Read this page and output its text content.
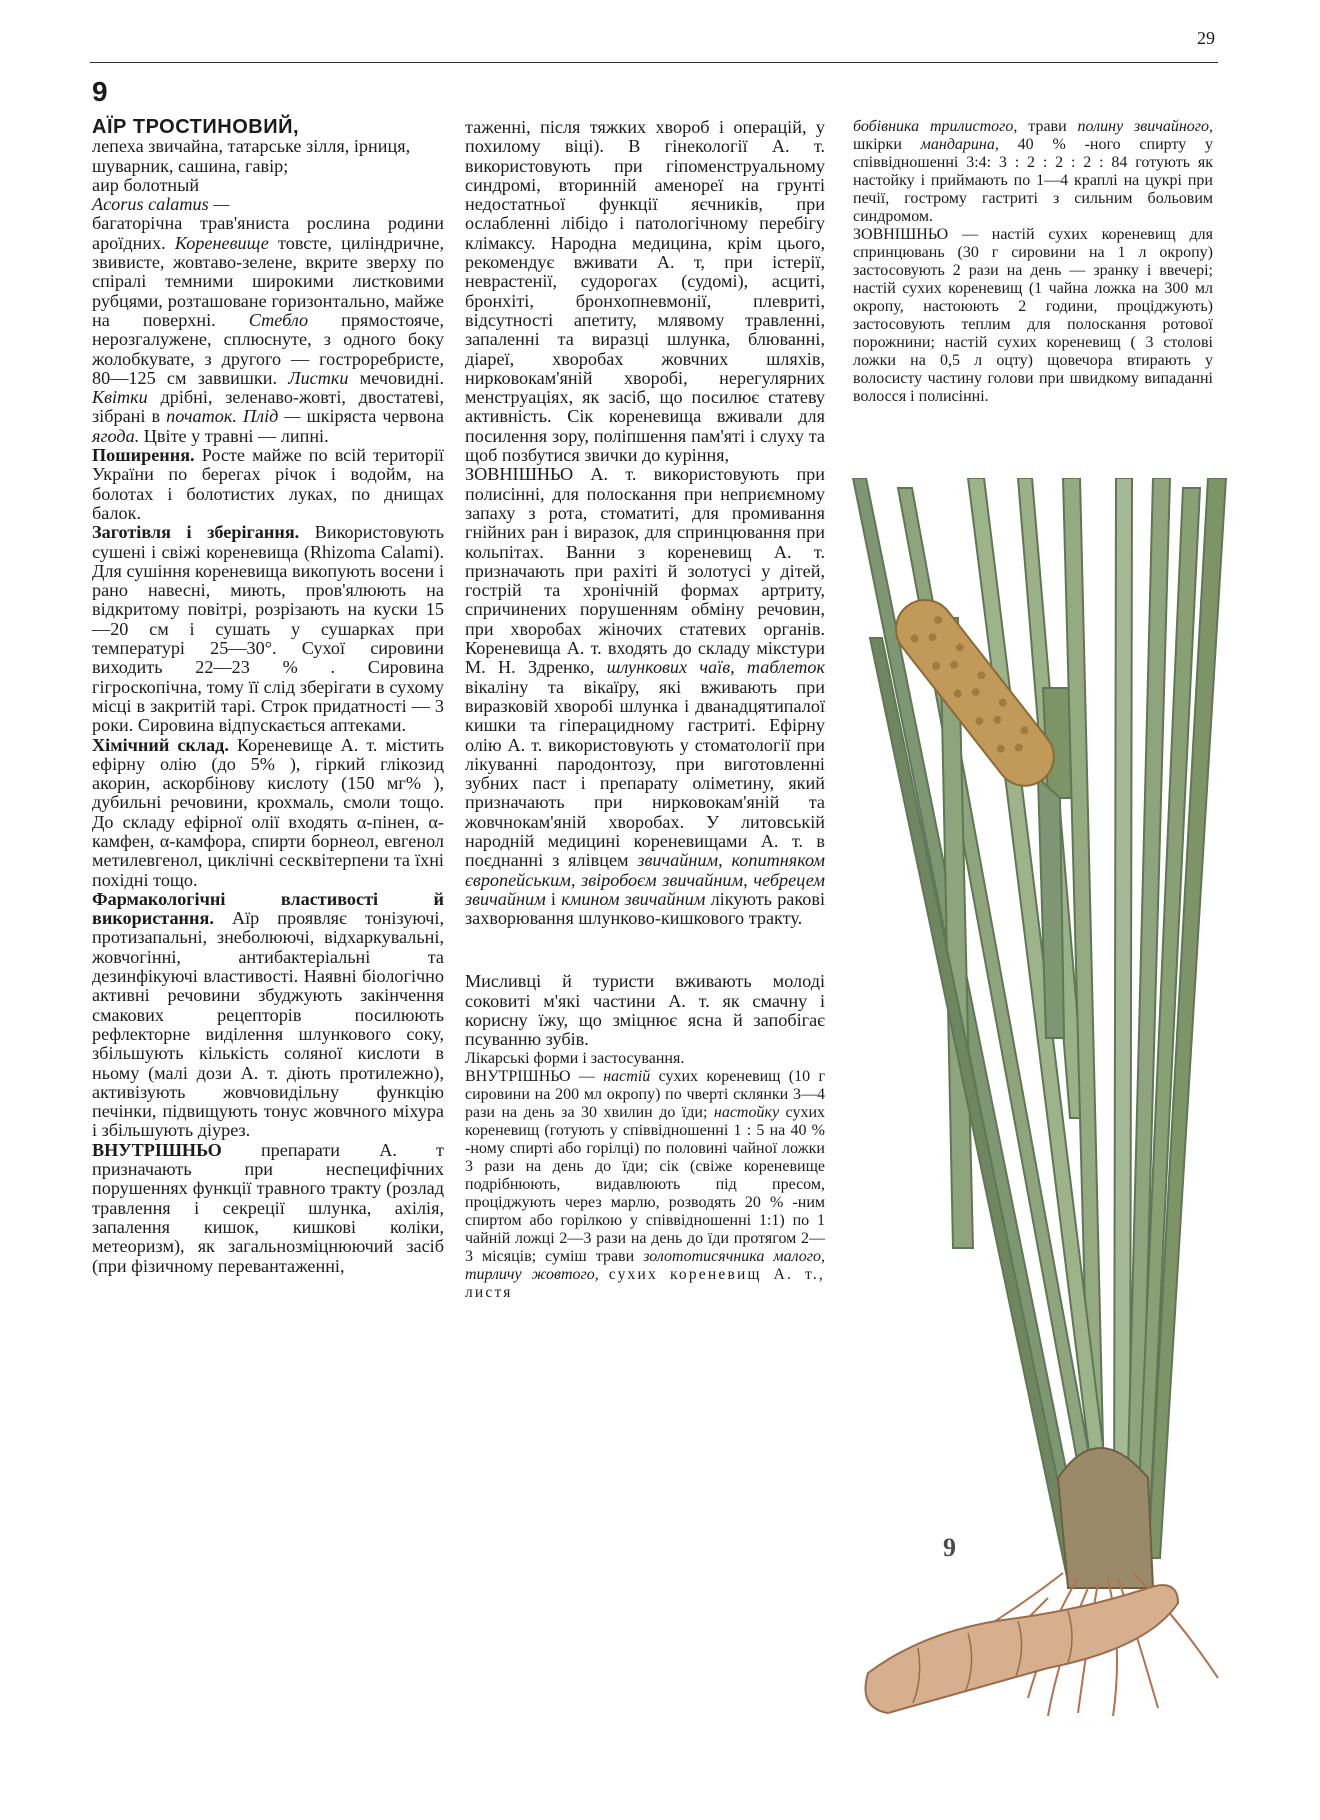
29
9

АЇР ТРОСТИНОВИЙ,

лепеха звичайна, татарське зілля, ірниця, шуварник, сашина, гавір;

аир болотный

Acorus calamus —

багаторічна трав'яниста рослина родини ароїдних. Кореневище товсте, циліндричне, звивисте, жовтаво-зелене, вкрите зверху по спіралі темними широкими листковими рубцями, розташоване горизонтально, майже на поверхні. Стебло прямостояче, нерозгалужене, сплюснуте, з одного боку жолобкувате, з другого — гостроребристе, 80—125 см заввишки. Листки мечовидні. Квітки дрібні, зеленаво-жовті, двостатеві, зібрані в початок. Плід — шкіряста червона ягода. Цвіте у травні — липні.

Поширення. Росте майже по всій території України по берегах річок і водойм, на болотах і болотистих луках, по днищах балок.

Заготівля і зберігання. Використовують сушені і свіжі кореневища (Rhizoma Calami). Для сушіння кореневища викопують восени і рано навесні, миють, пров'ялюють на відкритому повітрі, розрізають на куски 15—20 см і сушать у сушарках при температурі 25—30°. Сухої сировини виходить 22—23 % . Сировина гігроскопічна, тому її слід зберігати в сухому місці в закритій тарі. Строк придатності — 3 роки. Сировина відпускається аптеками.

Хімічний склад. Кореневище А. т. містить ефірну олію (до 5% ), гіркий глікозид акорин, аскорбінову кислоту (150 мг% ), дубильні речовини, крохмаль, смоли тощо. До складу ефірної олії входять α-пінен, α-камфен, α-камфора, спирти борнеол, евгенол метилевгенол, циклічні сесквітерпени та їхні похідні тощо.

Фармакологічні властивості й використання. Аїр проявляє тонізуючі, протизапальні, знеболюючі, відхаркувальні, жовчогінні, антибактеріальні та дезинфікуючі властивості. Наявні біологічно активні речовини збуджують закінчення смакових рецепторів посилюють рефлекторне виділення шлункового соку, збільшують кількість соляної кислоти в ньому (малі дози А. т. діють протилежно), активізують жовчовидільну функцію печінки, підвищують тонус жовчного міхура і збільшують діурез.

ВНУТРІШНЬО препарати А. т призначають при неспецифічних порушеннях функції травного тракту (розлад травлення і секреції шлунка, ахілія, запалення кишок, кишкові коліки, метеоризм), як загальнозміцнюючий засіб (при фізичному перевантаженні,

таженні, після тяжких хвороб і операцій, у похилому віці). В гінекології А. т. використовують при гіпоменструальному синдромі, вторинній аменореї на грунті недостатньої функції яєчників, при ослабленні лібідо і патологічному перебігу клімаксу. Народна медицина, крім цього, рекомендує вживати А. т, при істерії, неврастенії, судорогах (судомі), асциті, бронхіті, бронхопневмонії, плевриті, відсутності апетиту, млявому травленні, запаленні та виразці шлунка, блюванні, діареї, хворобах жовчних шляхів, нирковокам'яній хворобі, нерегулярних менструаціях, як засіб, що посилює статеву активність. Сік кореневища вживали для посилення зору, поліпшення пам'яті і слуху та щоб позбутися звички до куріння,

ЗОВНІШНЬО А. т. використовують при полисінні, для полоскання при неприємному запаху з рота, стоматиті, для промивання гнійних ран і виразок, для спринцювання при кольпітах. Ванни з кореневищ А. т. призначають при рахіті й золотусі у дітей, гострій та хронічній формах артриту, спричинених порушенням обміну речовин, при хворобах жіночих статевих органів. Кореневища А. т. входять до складу мікстури М. Н. Здренко, шлункових чаїв, таблеток вікаліну та вікаїру, які вживають при виразковій хворобі шлунка і дванадцятипалої кишки та гіперацидному гастриті. Ефірну олію А. т. використовують у стоматології при лікуванні пародонтозу, при виготовленні зубних паст і препарату оліметину, який призначають при нирковокам'яній та жовчнокам'яній хворобах. У литовській народній медицині кореневищами А. т. в поєднанні з ялівцем звичайним, копитняком європейським, звіробоєм звичайним, чебрецем звичайним і кмином звичайним лікують ракові захворювання шлунково-кишкового тракту.

Мисливці й туристи вживають молоді соковиті м'які частини А. т. як смачну і корисну їжу, що зміцнює ясна й запобігає псуванню зубів.

Лікарські форми і застосування.

ВНУТРІШНЬО — настій сухих кореневищ (10 г сировини на 200 мл окропу) по чверті склянки 3—4 рази на день за 30 хвилин до їди; настойку сухих кореневищ (готують у співвідношенні 1 : 5 на 40 % -ному спирті або горілці) по половині чайної ложки 3 рази на день до їди; сік (свіже кореневище подрібнюють, видавлюють під пресом, проціджують через марлю, розводять 20 % -ним спиртом або горілкою у співвідношенні 1:1) по 1 чайній ложці 2—3 рази на день до їди протягом 2—3 місяців; суміш трави золототисячника малого, тирличу жовтого, сухих кореневищ А. т., листя

бобівника трилистого, трави полину звичайного, шкірки мандарина, 40 % -ного спирту у співвідношенні 3:4: 3 : 2 : 2 : 2 : 84 готують як настойку і приймають по 1—4 краплі на цукрі при печії, гострому гастриті з сильним больовим синдромом.

ЗОВНІШНЬО — настій сухих кореневищ для спринцювань (30 г сировини на 1 л окропу) застосовують 2 рази на день — зранку і ввечері; настій сухих кореневищ (1 чайна ложка на 300 мл окропу, настоюють 2 години, проціджують) застосовують теплим для полоскання ротової порожнини; настій сухих кореневищ ( 3 столові ложки на 0,5 л оцту) щовечора втирають у волосисту частину голови при швидкому випаданні волосся і полисінні.

9
